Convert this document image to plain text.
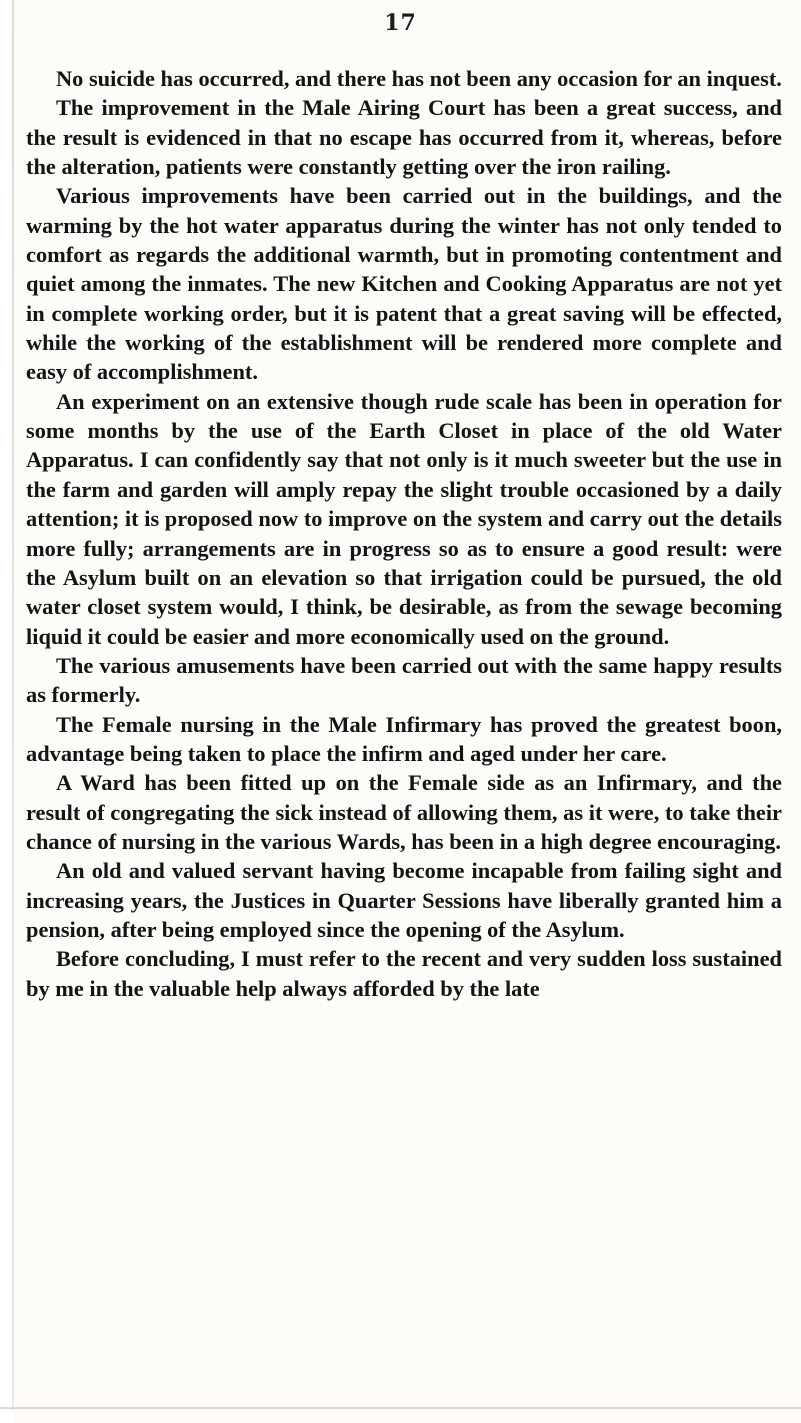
17

No suicide has occurred, and there has not been any occasion for an inquest.

The improvement in the Male Airing Court has been a great success, and the result is evidenced in that no escape has occurred from it, whereas, before the alteration, patients were constantly getting over the iron railing.

Various improvements have been carried out in the buildings, and the warming by the hot water apparatus during the winter has not only tended to comfort as regards the additional warmth, but in promoting contentment and quiet among the inmates. The new Kitchen and Cooking Apparatus are not yet in complete working order, but it is patent that a great saving will be effected, while the working of the establishment will be rendered more complete and easy of accomplishment.

An experiment on an extensive though rude scale has been in operation for some months by the use of the Earth Closet in place of the old Water Apparatus. I can confidently say that not only is it much sweeter but the use in the farm and garden will amply repay the slight trouble occasioned by a daily attention; it is proposed now to improve on the system and carry out the details more fully; arrangements are in progress so as to ensure a good result: were the Asylum built on an elevation so that irrigation could be pursued, the old water closet system would, I think, be desirable, as from the sewage becoming liquid it could be easier and more economically used on the ground.

The various amusements have been carried out with the same happy results as formerly.

The Female nursing in the Male Infirmary has proved the greatest boon, advantage being taken to place the infirm and aged under her care.

A Ward has been fitted up on the Female side as an Infirmary, and the result of congregating the sick instead of allowing them, as it were, to take their chance of nursing in the various Wards, has been in a high degree encouraging.

An old and valued servant having become incapable from failing sight and increasing years, the Justices in Quarter Sessions have liberally granted him a pension, after being employed since the opening of the Asylum.

Before concluding, I must refer to the recent and very sudden loss sustained by me in the valuable help always afforded by the late
